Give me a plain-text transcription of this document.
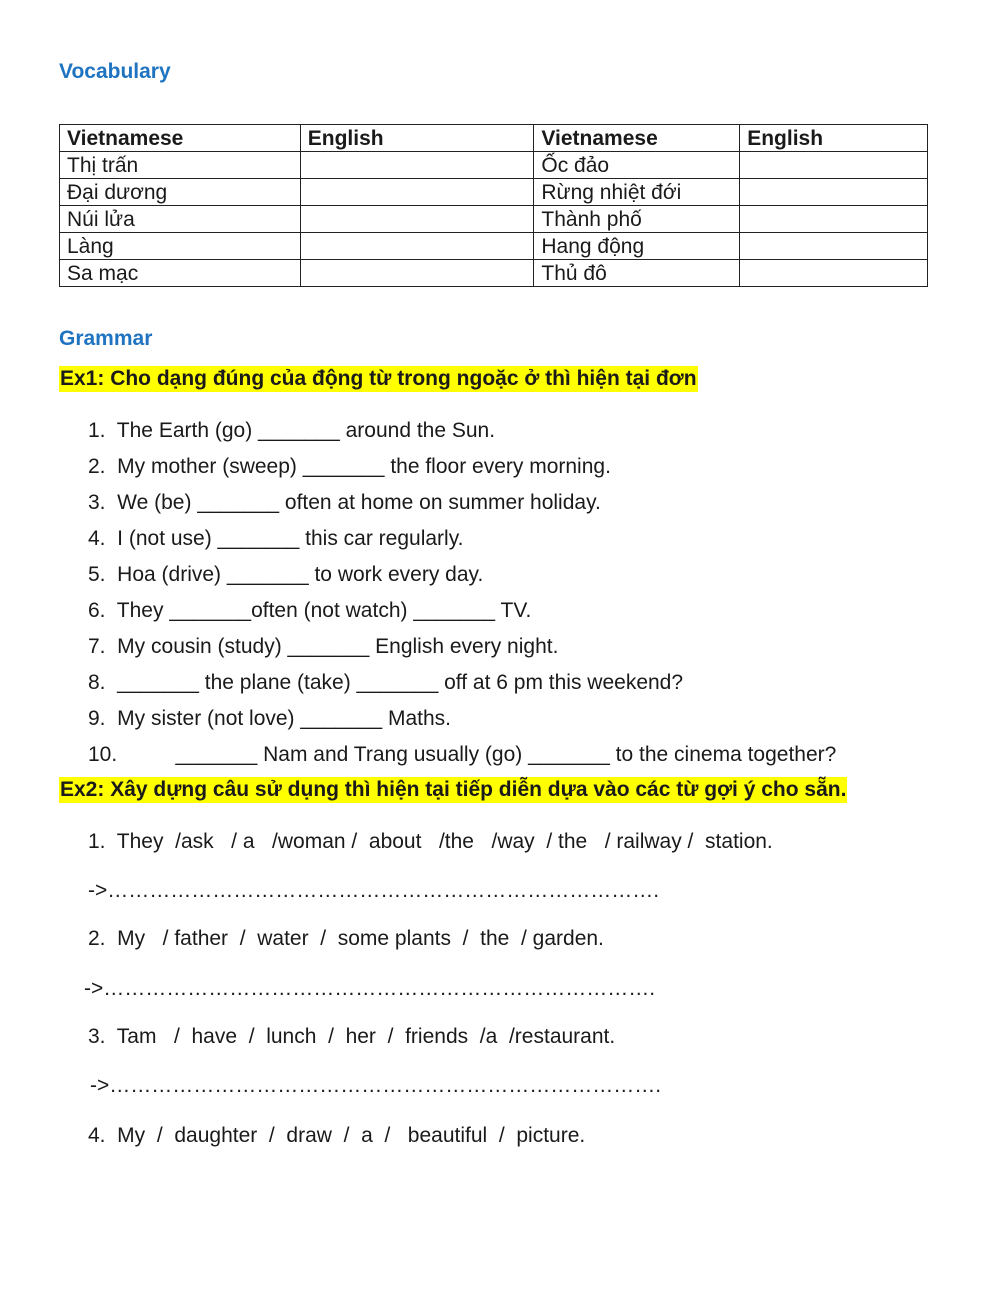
Vocabulary
Vietnamese	English	Vietnamese	English
Thị trấn		Ốc đảo	
Đại dương		Rừng nhiệt đới	
Núi lửa		Thành phố	
Làng		Hang động	
Sa mạc		Thủ đô	
Grammar
Ex1: Cho dạng đúng của động từ trong ngoặc ở thì hiện tại đơn
1.  The Earth (go) _______ around the Sun.
2.  My mother (sweep) _______ the floor every morning.
3.  We (be) _______ often at home on summer holiday.
4.  I (not use) _______ this car regularly.
5.  Hoa (drive) _______ to work every day.
6.  They _______often (not watch) _______ TV.
7.  My cousin (study) _______ English every night.
8.  _______ the plane (take) _______ off at 6 pm this weekend?
9.  My sister (not love) _______ Maths.
10.          _______ Nam and Trang usually (go) _______ to the cinema together?
Ex2: Xây dựng câu sử dụng thì hiện tại tiếp diễn dựa vào các từ gợi ý cho sẵn.
1.  They  /ask   / a   /woman /  about   /the   /way  / the   / railway /  station.
->…………………………………………………………………….
2.  My   / father  /  water  /  some plants  /  the  / garden.
->…………………………………………………………………….
3.  Tam   /  have  /  lunch  /  her  /  friends  /a  /restaurant.
->…………………………………………………………………….
4.  My  /  daughter  /  draw  /  a  /   beautiful  /  picture.
